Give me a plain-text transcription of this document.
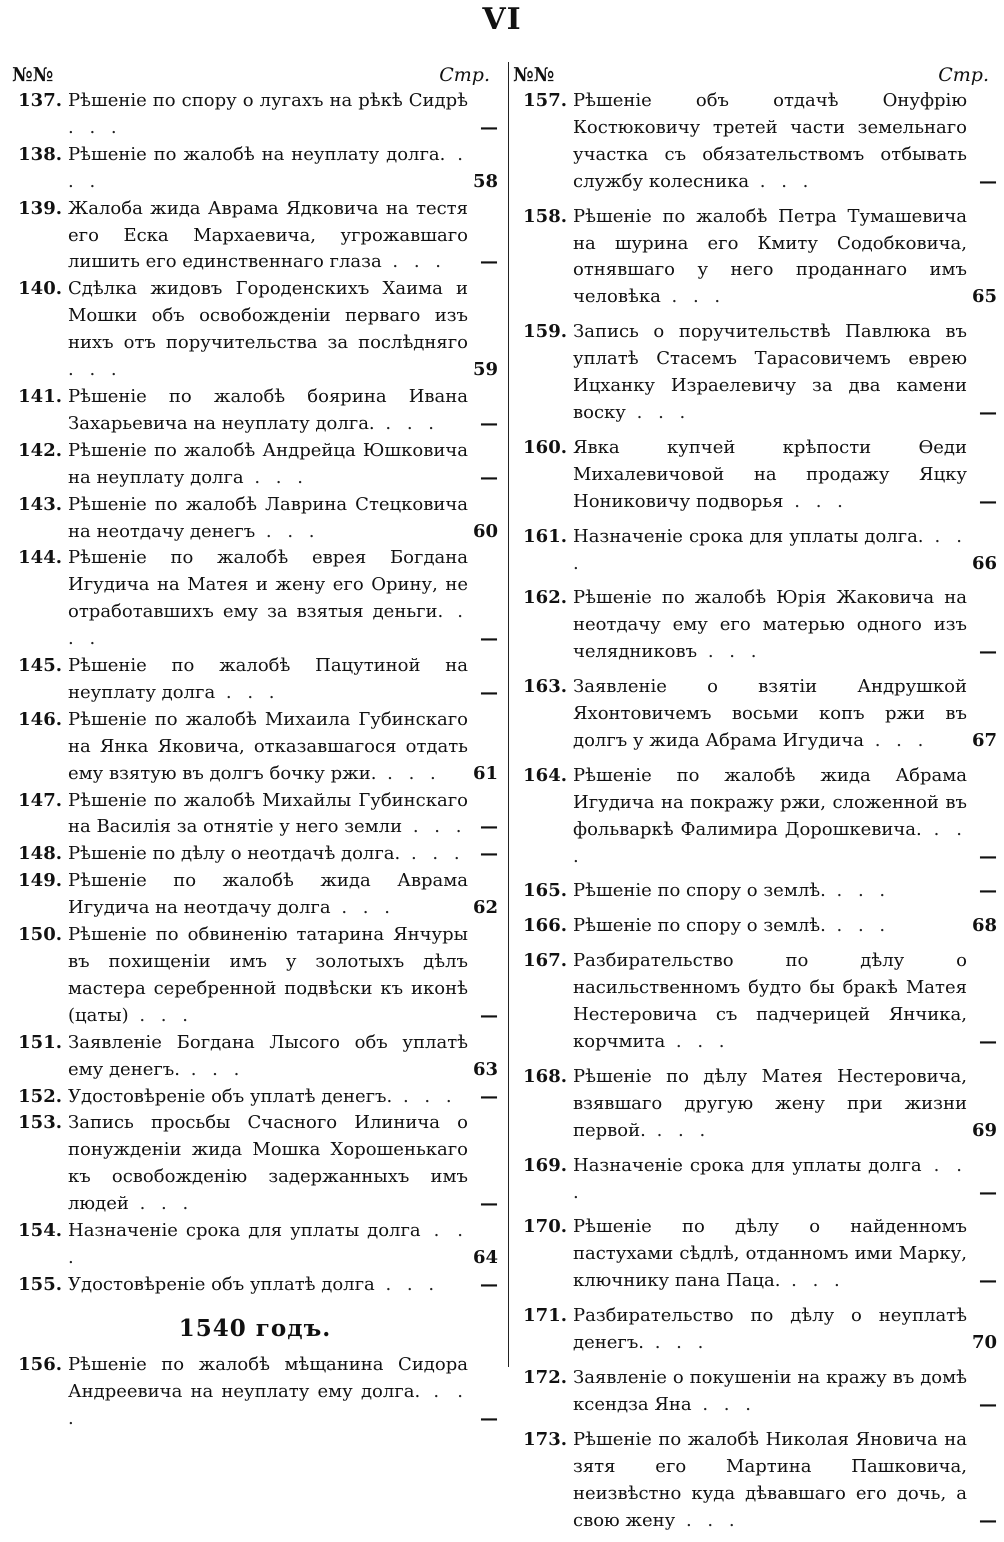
VI
№№	Стр.
137. Рѣшеніе по спору о лугахъ на рѣкѣ Сидрѣ . . .	—
138. Рѣшеніе по жалобѣ на неуплату долга. . . .	58
139. Жалоба жида Аврама Ядковича на тестя его Еска Мархаевича, угрожавшаго лишить его единственнаго глаза . . .	—
140. Сдѣлка жидовъ Городенскихъ Хаима и Мошки объ освобожденіи перваго изъ нихъ отъ поручительства за послѣдняго . . .	59
141. Рѣшеніе по жалобѣ боярина Ивана Захарьевича на неуплату долга. . . .	—
142. Рѣшеніе по жалобѣ Андрейца Юшковича на неуплату долга . . .	—
143. Рѣшеніе по жалобѣ Лаврина Стецковича на неотдачу денегъ . . .	60
144. Рѣшеніе по жалобѣ еврея Богдана Игудича на Матея и жену его Орину, не отработавшихъ ему за взятыя деньги. . . .	—
145. Рѣшеніе по жалобѣ Пацутиной на неуплату долга . . .	—
146. Рѣшеніе по жалобѣ Михаила Губинскаго на Янка Яковича, отказавшагося отдать ему взятую въ долгъ бочку ржи. . . .	61
147. Рѣшеніе по жалобѣ Михайлы Губинскаго на Василія за отнятіе у него земли . . . —
148. Рѣшеніе по дѣлу о неотдачѣ долга. . . . —
149. Рѣшеніе по жалобѣ жида Аврама Игудича на неотдачу долга . . .	62
150. Рѣшеніе по обвиненію татарина Янчуры въ похищеніи имъ у золотыхъ дѣлъ мастера серебренной подвѣски къ иконѣ (цаты) . . .	—
151. Заявленіе Богдана Лысого объ уплатѣ ему денегъ. . . .	63
152. Удостовѣреніе объ уплатѣ денегъ. . . .	—
153. Запись просьбы Счасного Илинича о понужденіи жида Мошка Хорошенькаго къ освобожденію задержанныхъ имъ людей . . .	—
154. Назначеніе срока для уплаты долга . . .	64
155. Удостовѣреніе объ уплатѣ долга . . .	—
1540 годъ.
156. Рѣшеніе по жалобѣ мѣщанина Сидора Андреевича на неуплату ему долга. . . .	—
№№	Стр.
157. Рѣшеніе объ отдачѣ Онуфрію Костюковичу третей части земельнаго участка съ обязательствомъ отбывать службу колесника . . .	—
158. Рѣшеніе по жалобѣ Петра Тумашевича на шурина его Кмиту Содобковича, отнявшаго у него проданнаго имъ человѣка . . .	65
159. Запись о поручительствѣ Павлюка въ уплатѣ Стасемъ Тарасовичемъ еврею Ицханку Израелевичу за два камени воску . . .	—
160. Явка купчей крѣпости Ѳеди Михалевичовой на продажу Яцку Нониковичу подворья . . .	—
161. Назначеніе срока для уплаты долга. . . .	66
162. Рѣшеніе по жалобѣ Юрія Жаковича на неотдачу ему его матерью одного изъ челядниковъ . . .	—
163. Заявленіе о взятіи Андрушкой Яхонтовичемъ восьми копъ ржи въ долгъ у жида Абрама Игудича . . .	67
164. Рѣшеніе по жалобѣ жида Абрама Игудича на покражу ржи, сложенной въ фольваркѣ Фалимира Дорошкевича. . . .	—
165. Рѣшеніе по спору о землѣ. . . .	—
166. Рѣшеніе по спору о землѣ. . . .	68
167. Разбирательство по дѣлу о насильственномъ будто бы бракѣ Матея Нестеровича съ падчерицей Янчика, корчмита . . .	—
168. Рѣшеніе по дѣлу Матея Нестеровича, взявшаго другую жену при жизни первой. . . .	69
169. Назначеніе срока для уплаты долга . . .	—
170. Рѣшеніе по дѣлу о найденномъ пастухами сѣдлѣ, отданномъ ими Марку, ключнику пана Паца. . . .	—
171. Разбирательство по дѣлу о неуплатѣ денегъ. . . .	70
172. Заявленіе о покушеніи на кражу въ домѣ ксендза Яна . . .	—
173. Рѣшеніе по жалобѣ Николая Яновича на зятя его Мартина Пашковича, неизвѣстно куда дѣвавшаго его дочь, а свою жену . . .	—
